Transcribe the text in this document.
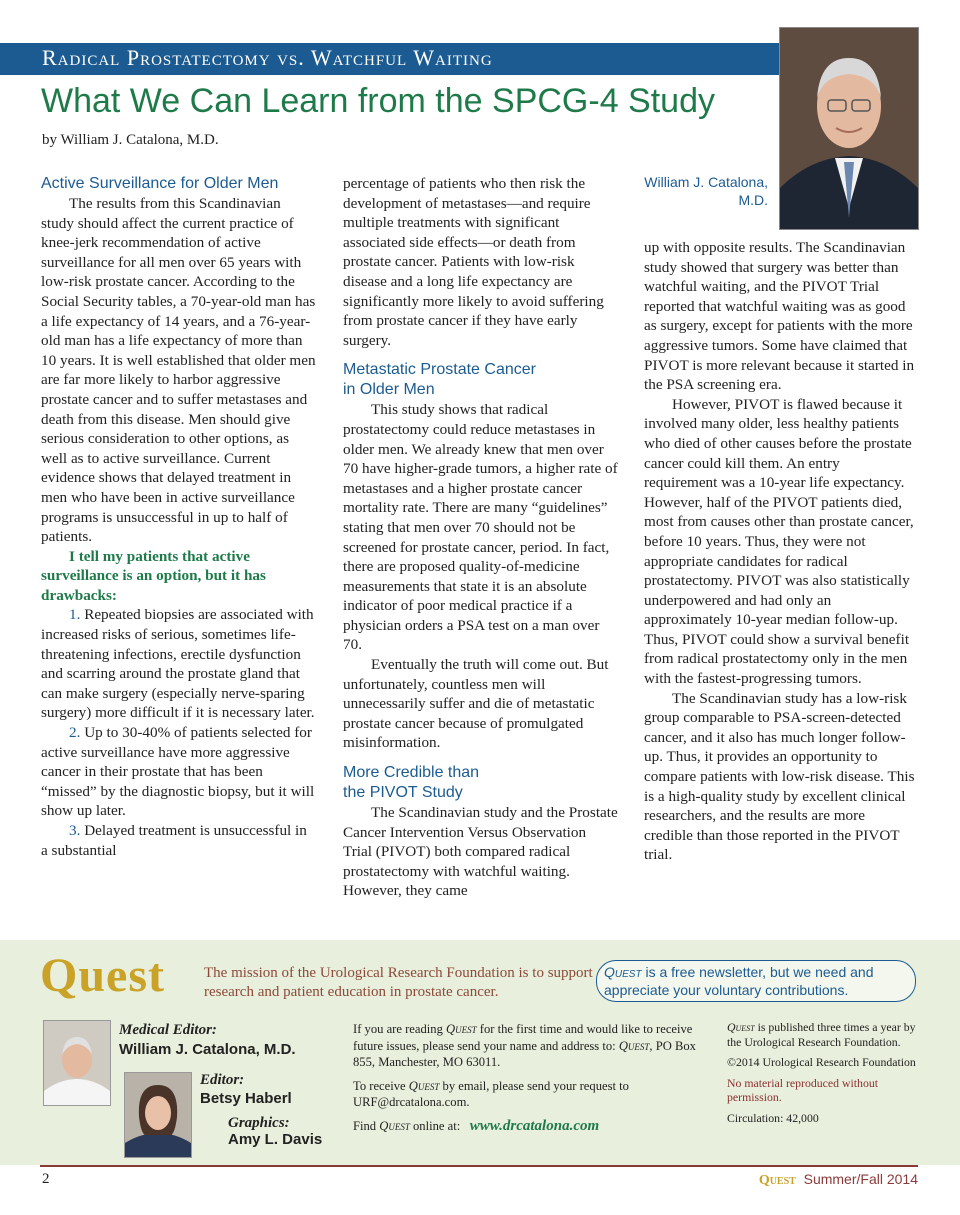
Radical Prostatectomy vs. Watchful Waiting
What We Can Learn from the SPCG-4 Study
by William J. Catalona, M.D.
William J. Catalona, M.D.
Active Surveillance for Older Men

The results from this Scandinavian study should affect the current practice of knee-jerk recommendation of active surveillance for all men over 65 years with low-risk prostate cancer. According to the Social Security tables, a 70-year-old man has a life expectancy of 14 years, and a 76-year-old man has a life expectancy of more than 10 years. It is well established that older men are far more likely to harbor aggressive prostate cancer and to suffer metastases and death from this disease. Men should give serious consideration to other options, as well as to active surveillance. Current evidence shows that delayed treatment in men who have been in active surveillance programs is unsuccessful in up to half of patients.

I tell my patients that active surveillance is an option, but it has drawbacks:

1. Repeated biopsies are associated with increased risks of serious, sometimes life-threatening infections, erectile dysfunction and scarring around the prostate gland that can make surgery (especially nerve-sparing surgery) more difficult if it is necessary later.

2. Up to 30-40% of patients selected for active surveillance have more aggressive cancer in their prostate that has been “missed” by the diagnostic biopsy, but it will show up later.

3. Delayed treatment is unsuccessful in a substantial

percentage of patients who then risk the development of metastases—and require multiple treatments with significant associated side effects—or death from prostate cancer. Patients with low-risk disease and a long life expectancy are significantly more likely to avoid suffering from prostate cancer if they have early surgery.

Metastatic Prostate Cancer
in Older Men

This study shows that radical prostatectomy could reduce metastases in older men. We already knew that men over 70 have higher-grade tumors, a higher rate of metastases and a higher prostate cancer mortality rate. There are many “guidelines” stating that men over 70 should not be screened for prostate cancer, period. In fact, there are proposed quality-of-medicine measurements that state it is an absolute indicator of poor medical practice if a physician orders a PSA test on a man over 70.

Eventually the truth will come out. But unfortunately, countless men will unnecessarily suffer and die of metastatic prostate cancer because of promulgated misinformation.

More Credible than
the PIVOT Study

The Scandinavian study and the Prostate Cancer Intervention Versus Observation Trial (PIVOT) both compared radical prostatectomy with watchful waiting. However, they came

up with opposite results. The Scandinavian study showed that surgery was better than watchful waiting, and the PIVOT Trial reported that watchful waiting was as good as surgery, except for patients with the more aggressive tumors. Some have claimed that PIVOT is more relevant because it started in the PSA screening era.

However, PIVOT is flawed because it involved many older, less healthy patients who died of other causes before the prostate cancer could kill them. An entry requirement was a 10-year life expectancy. However, half of the PIVOT patients died, most from causes other than prostate cancer, before 10 years. Thus, they were not appropriate candidates for radical prostatectomy. PIVOT was also statistically underpowered and had only an approximately 10-year median follow-up. Thus, PIVOT could show a survival benefit from radical prostatectomy only in the men with the fastest-progressing tumors.

The Scandinavian study has a low-risk group comparable to PSA-screen-detected cancer, and it also has much longer follow-up. Thus, it provides an opportunity to compare patients with low-risk disease. This is a high-quality study by excellent clinical researchers, and the results are more credible than those reported in the PIVOT trial.

Quest	The mission of the Urological Research Foundation is to support research and patient education in prostate cancer.
Quest is a free newsletter, but we need and appreciate your voluntary contributions.
Medical Editor:
William J. Catalona, M.D.
Editor:
Betsy Haberl
Graphics:
Amy L. Davis

If you are reading Quest for the first time and would like to receive future issues, please send your name and address to: Quest, PO Box 855, Manchester, MO 63011.

To receive Quest by email, please send your request to URF@drcatalona.com.

Find Quest online at: www.drcatalona.com

Quest is published three times a year by the Urological Research Foundation.

©2014 Urological Research Foundation

No material reproduced without permission.

Circulation: 42,000

2	Quest Summer/Fall 2014
